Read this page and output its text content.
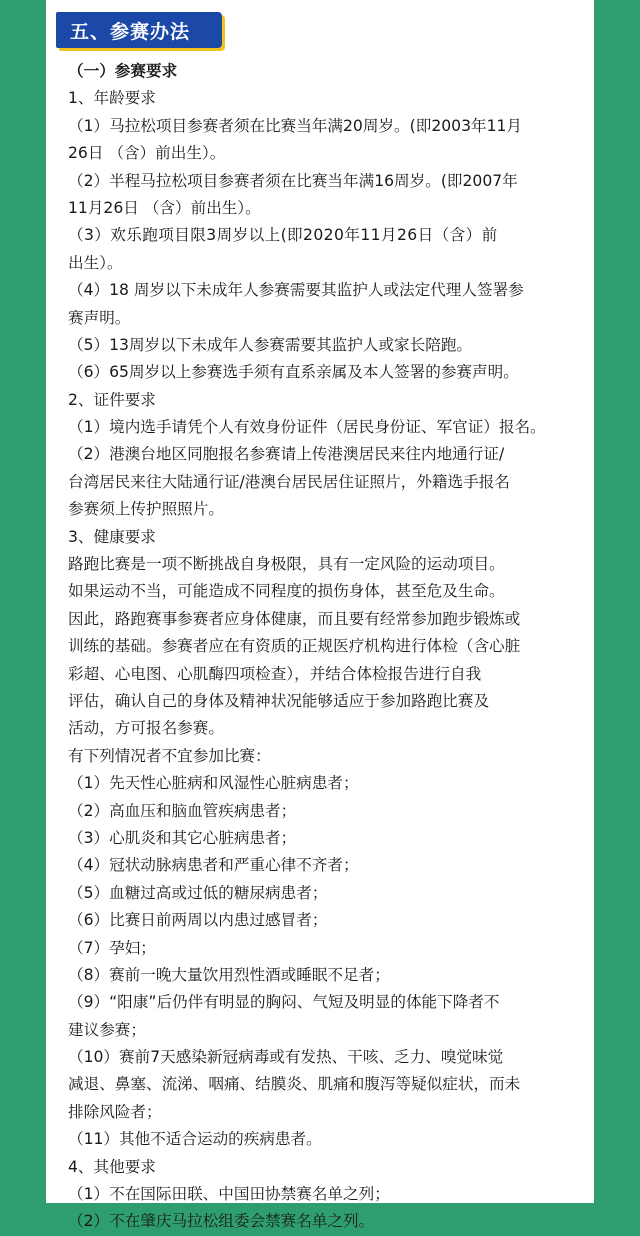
五、参赛办法
（一）参赛要求
1、年龄要求
（1）马拉松项目参赛者须在比赛当年满20周岁。(即2003年11月
26日 （含）前出生）。
（2）半程马拉松项目参赛者须在比赛当年满16周岁。(即2007年
11月26日 （含）前出生）。
（3）欢乐跑项目限3周岁以上(即2020年11月26日（含）前
出生）。
（4）18 周岁以下未成年人参赛需要其监护人或法定代理人签署参
赛声明。
（5）13周岁以下未成年人参赛需要其监护人或家长陪跑。
（6）65周岁以上参赛选手须有直系亲属及本人签署的参赛声明。
2、证件要求
（1）境内选手请凭个人有效身份证件（居民身份证、军官证）报名。
（2）港澳台地区同胞报名参赛请上传港澳居民来往内地通行证/
台湾居民来往大陆通行证/港澳台居民居住证照片，外籍选手报名
参赛须上传护照照片。
3、健康要求
路跑比赛是一项不断挑战自身极限，具有一定风险的运动项目。
如果运动不当，可能造成不同程度的损伤身体，甚至危及生命。
因此，路跑赛事参赛者应身体健康，而且要有经常参加跑步锻炼或
训练的基础。参赛者应在有资质的正规医疗机构进行体检（含心脏
彩超、心电图、心肌酶四项检查），并结合体检报告进行自我
评估，确认自己的身体及精神状况能够适应于参加路跑比赛及
活动，方可报名参赛。
有下列情况者不宜参加比赛：
（1）先天性心脏病和风湿性心脏病患者；
（2）高血压和脑血管疾病患者；
（3）心肌炎和其它心脏病患者；
（4）冠状动脉病患者和严重心律不齐者；
（5）血糖过高或过低的糖尿病患者；
（6）比赛日前两周以内患过感冒者；
（7）孕妇；
（8）赛前一晚大量饮用烈性酒或睡眠不足者；
（9）“阳康”后仍伴有明显的胸闷、气短及明显的体能下降者不
建议参赛；
（10）赛前7天感染新冠病毒或有发热、干咳、乏力、嗅觉味觉
减退、鼻塞、流涕、咽痛、结膜炎、肌痛和腹泻等疑似症状，而未
排除风险者；
（11）其他不适合运动的疾病患者。
4、其他要求
（1）不在国际田联、中国田协禁赛名单之列；
（2）不在肇庆马拉松组委会禁赛名单之列。
